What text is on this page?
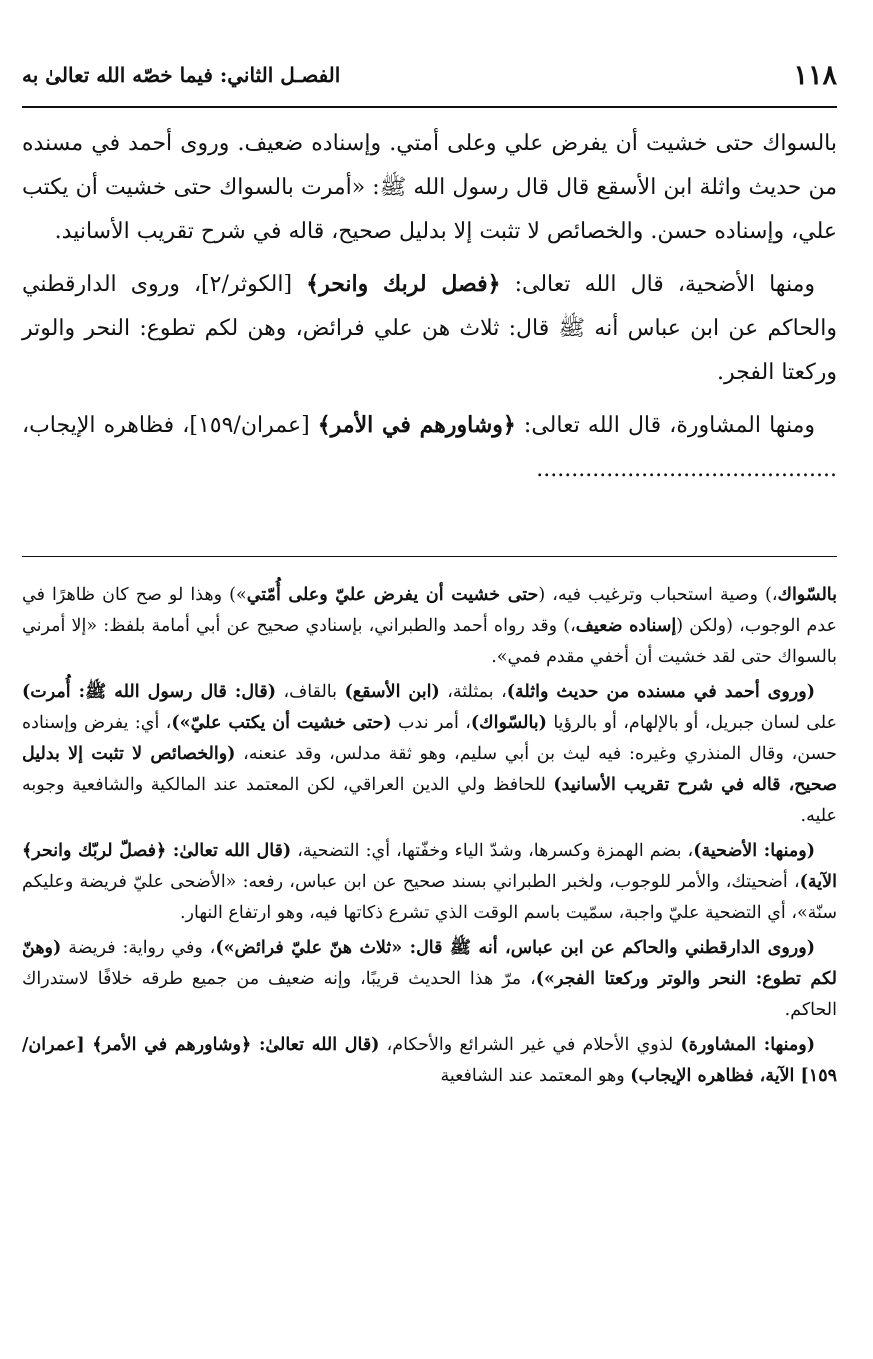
١١٨
الفصـل الثاني: فيما خصّه الله تعالىٰ به

بالسواك حتى خشيت أن يفرض علي وعلى أمتي. وإسناده ضعيف. وروى أحمد في مسنده من حديث واثلة ابن الأسقع قال قال رسول الله ﷺ: «أمرت بالسواك حتى خشيت أن يكتب علي، وإسناده حسن. والخصائص لا تثبت إلا بدليل صحيح، قاله في شرح تقريب الأسانيد.

ومنها الأضحية، قال الله تعالى: ﴿فصل لربك وانحر﴾ [الكوثر/٢]، وروى الدارقطني والحاكم عن ابن عباس أنه ﷺ قال: ثلاث هن علي فرائض، وهن لكم تطوع: النحر والوتر وركعتا الفجر.

ومنها المشاورة، قال الله تعالى: ﴿وشاورهم في الأمر﴾ [عمران/١٥٩]، فظاهره الإيجاب، ...........................................

بالسّواك،) وصية استحباب وترغيب فيه، (حتى خشيت أن يفرض عليّ وعلى أُمّتي») وهذا لو صح كان ظاهرًا في عدم الوجوب، (ولكن (إسناده ضعيف،) وقد رواه أحمد والطبراني، بإسنادي صحيح عن أبي أمامة بلفظ: «إلا أمرني بالسواك حتى لقد خشيت أن أخفي مقدم فمي».

(وروى أحمد في مسنده من حديث واثلة)، بمثلثة، (ابن الأسقع) بالقاف، (قال: قال رسول الله ﷺ: أُمرت) على لسان جبريل، أو بالإلهام، أو بالرؤيا (بالسّواك)، أمر ندب (حتى خشيت أن يكتب عليّ»)، أي: يفرض وإسناده حسن، وقال المنذري وغيره: فيه ليث بن أبي سليم، وهو ثقة مدلس، وقد عنعنه، (والخصائص لا تثبت إلا بدليل صحيح، قاله في شرح تقريب الأسانيد) للحافظ ولي الدين العراقي، لكن المعتمد عند المالكية والشافعية وجوبه عليه.

(ومنها: الأضحية)، بضم الهمزة وكسرها، وشدّ الياء وخفّتها، أي: التضحية، (قال الله تعالىٰ: ﴿فصلّ لربّك وانحر﴾ الآية)، أضحيتك، والأمر للوجوب، ولخبر الطبراني بسند صحيح عن ابن عباس، رفعه: «الأضحى عليّ فريضة وعليكم سنّة»، أي التضحية عليّ واجبة، سمّيت باسم الوقت الذي تشرع ذكاتها فيه، وهو ارتفاع النهار.

(وروى الدارقطني والحاكم عن ابن عباس، أنه ﷺ قال: «ثلاث هنّ عليّ فرائض»)، وفي رواية: فريضة (وهنّ لكم تطوع: النحر والوتر وركعتا الفجر»)، مرّ هذا الحديث قريبًا، وإنه ضعيف من جميع طرقه خلافًا لاستدراك الحاكم.

(ومنها: المشاورة) لذوي الأحلام في غير الشرائع والأحكام، (قال الله تعالىٰ: ﴿وشاورهم في الأمر﴾ [عمران/ ١٥٩] الآية، فظاهره الإيجاب) وهو المعتمد عند الشافعية
